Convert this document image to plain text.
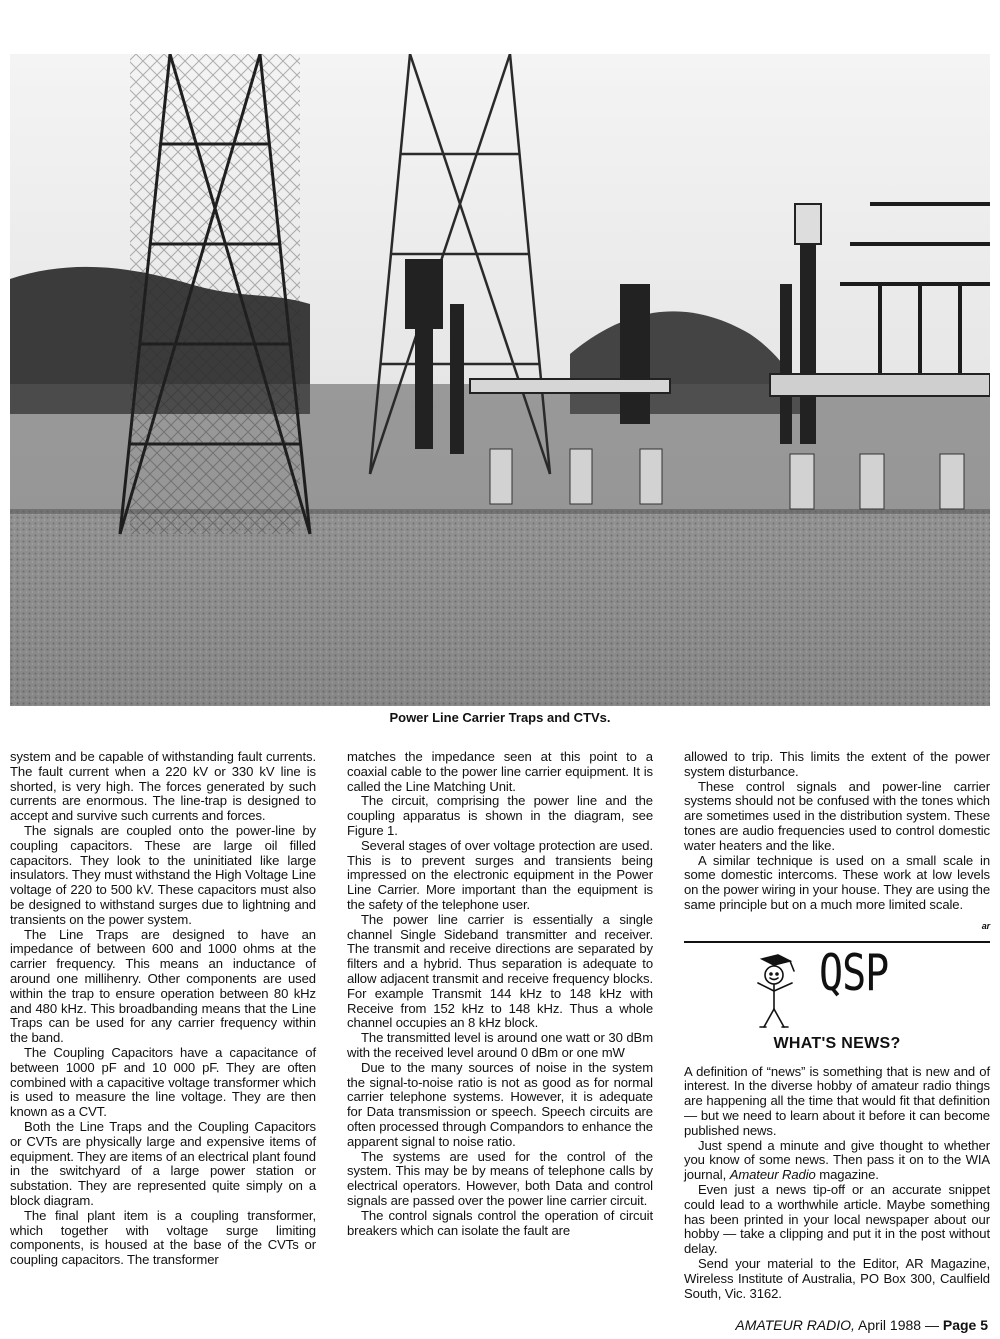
Power Line Carrier Traps and CTVs.

system and be capable of withstanding fault currents. The fault current when a 220 kV or 330 kV line is shorted, is very high. The forces generated by such currents are enormous. The line-trap is designed to accept and survive such currents and forces.

The signals are coupled onto the power-line by coupling capacitors. These are large oil filled capacitors. They look to the uninitiated like large insulators. They must withstand the High Voltage Line voltage of 220 to 500 kV. These capacitors must also be designed to withstand surges due to lightning and transients on the power system.

The Line Traps are designed to have an impedance of between 600 and 1000 ohms at the carrier frequency. This means an inductance of around one millihenry. Other components are used within the trap to ensure operation between 80 kHz and 480 kHz. This broadbanding means that the Line Traps can be used for any carrier frequency within the band.

The Coupling Capacitors have a capacitance of between 1000 pF and 10 000 pF. They are often combined with a capacitive voltage transformer which is used to measure the line voltage. They are then known as a CVT.

Both the Line Traps and the Coupling Capacitors or CVTs are physically large and expensive items of equipment. They are items of an electrical plant found in the switchyard of a large power station or substation. They are represented quite simply on a block diagram.

The final plant item is a coupling transformer, which together with voltage surge limiting components, is housed at the base of the CVTs or coupling capacitors. The transformer

matches the impedance seen at this point to a coaxial cable to the power line carrier equipment. It is called the Line Matching Unit.

The circuit, comprising the power line and the coupling apparatus is shown in the diagram, see Figure 1.

Several stages of over voltage protection are used. This is to prevent surges and transients being impressed on the electronic equipment in the Power Line Carrier. More important than the equipment is the safety of the telephone user.

The power line carrier is essentially a single channel Single Sideband transmitter and receiver. The transmit and receive directions are separated by filters and a hybrid. Thus separation is adequate to allow adjacent transmit and receive frequency blocks. For example Transmit 144 kHz to 148 kHz with Receive from 152 kHz to 148 kHz. Thus a whole channel occupies an 8 kHz block.

The transmitted level is around one watt or 30 dBm with the received level around 0 dBm or one mW

Due to the many sources of noise in the system the signal-to-noise ratio is not as good as for normal carrier telephone systems. However, it is adequate for Data transmission or speech. Speech circuits are often processed through Compandors to enhance the apparent signal to noise ratio.

The systems are used for the control of the system. This may be by means of telephone calls by electrical operators. However, both Data and control signals are passed over the power line carrier circuit.

The control signals control the operation of circuit breakers which can isolate the fault are

allowed to trip. This limits the extent of the power system disturbance.

These control signals and power-line carrier systems should not be confused with the tones which are sometimes used in the distribution system. These tones are audio frequencies used to control domestic water heaters and the like.

A similar technique is used on a small scale in some domestic intercoms. These work at low levels on the power wiring in your house. They are using the same principle but on a much more limited scale.

ar
QSP
WHAT'S NEWS?

A definition of “news” is something that is new and of interest. In the diverse hobby of amateur radio things are happening all the time that would fit that definition — but we need to learn about it before it can become published news.

Just spend a minute and give thought to whether you know of some news. Then pass it on to the WIA journal, Amateur Radio magazine.

Even just a news tip-off or an accurate snippet could lead to a worthwhile article. Maybe something has been printed in your local newspaper about our hobby — take a clipping and put it in the post without delay.

Send your material to the Editor, AR Magazine, Wireless Institute of Australia, PO Box 300, Caulfield South, Vic. 3162.

AMATEUR RADIO, April 1988 — Page 5
